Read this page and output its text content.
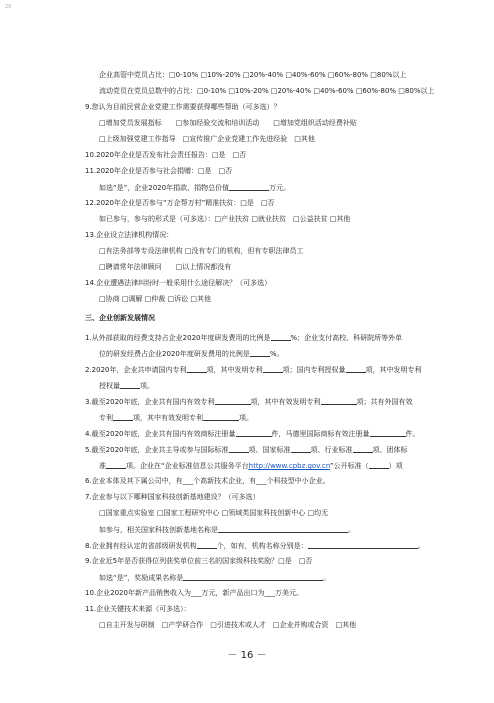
20
企业高管中党员占比：□0-10% □10%-20% □20%-40% □40%-60% □60%-80% □80%以上
流动党员在党员总数中的占比：□0-10% □10%-20% □20%-40% □40%-60% □60%-80% □80%以上
9.您认为目前民营企业党建工作需要获得哪些帮助（可多选）？
□增加党员发展指标　　□参加经验交流和培训活动　　□增加党组织活动经费补贴
□上级加强党建工作指导　□宣传推广企业党建工作先进经验　□其他
10.2020年企业是否发布社会责任报告：□是　□否
11.2020年企业是否参与社会捐赠：□是　□否
如选“是”，企业2020年捐款、捐物总价值	万元。
12.2020年企业是否参与“万企帮万村”精准扶贫：□是　□否
如已参与，参与的形式是（可多选）：□产业扶贫 □就业扶贫　□公益扶贫 □其他
13.企业设立法律机构情况：
□有法务部等专设法律机构 □没有专门的机构，但有专职法律员工
□聘请常年法律顾问　　□以上情况都没有
14.企业遭遇法律纠纷时一般采用什么途径解决？（可多选）
□协商 □调解 □仲裁 □诉讼 □其他
三、企业创新发展情况
1.从外部获取的经费支持占企业2020年度研发费用的比例是	%；企业支付高校、科研院所等外单
位的研发经费占企业2020年度研发费用的比例是	%。
2.2020年，企业共申请国内专利	项，其中发明专利	项；国内专利授权量	项，其中发明专利
授权量	项。
3.截至2020年底，企业共有国内有效专利	项，其中有效发明专利	项；共有外国有效
专利	项，其中有效发明专利	项。
4.截至2020年底，企业共有国内有效商标注册量	件，马德里国际商标有效注册量	件。
5.截至2020年底，企业共主导或参与国际标准	项、国家标准	项、行业标准	项、团体标
准	项。企业在“企业标准信息公共服务平台http://www.cpbz.gov.cn”公开标准（	）项
6.企业本体及其下属公司中，有___个高新技术企业，有___个科技型中小企业。
7.企业参与以下哪种国家科技创新基地建设？（可多选）
□国家重点实验室 □国家工程研究中心 □领域类国家科技创新中心 □均无
如参与，相关国家科技创新基地名称是	。
8.企业拥有经认定的省部级研发机构	个，如有，机构名称分别是：	。
9.企业近5年是否获得位列获奖单位前三名的国家级科技奖励？□是　□否
如选“是”，奖励成果名称是	。
10.企业2020年新产品销售收入为___万元，新产品出口为___万美元。
11.企业关键技术来源（可多选）：
□自主开发与研制　□产学研合作　□引进技术或人才　□企业并购或合资　□其他
－ 16 －
